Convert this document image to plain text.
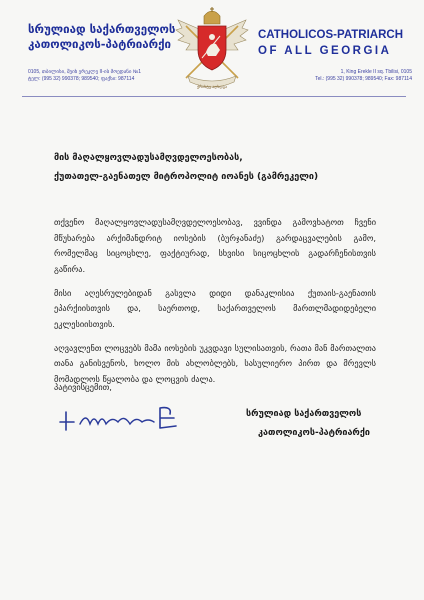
სრულიად საქართველოს
კათოლიკოს-პატრიარქი
0105, თბილისი, შეიხ ერეკლე II-ის მოედანი №1
ტელ: (995 32) 990378; 989540; ფაქსი: 987114
ქრისტე აღსდგა
CATHOLICOS-PATRIARCH
OF ALL GEORGIA
1, King Erekle II sq. Tbilisi, 0105
Tel.: (995 32) 990378; 989540; Fax: 987114
მის მაღალყოვლადუსამღვდელოესობას,
ქუთათელ-გაენათელ მიტროპოლიტ იოანეს (გამრეკელი)

თქვენო მაღალყოვლადუსამღვდელოესობავ, ვვინდა გამოვხატოთ ჩვენი მწუხარება არქიმანდრიტ იოსების (ბურჯანაძე) გარდაცვალების გამო, რომელმაც სიცოცხლე, ფაქტიურად, სხვისი სიცოცხლის გადარჩენისთვის გაწირა.

მისი აღესრულებიდან გასვლა დიდი დანაკლისია ქუთაის-გაენათის ეპარქიისთვის და, საერთოდ, საქართველოს მართლმადიდებელი ეკლესიისთვის.

აღვავლენთ ლოცვებს მამა იოსების უკვდავი სულისათვის, რათა მან მართალთა თანა განისვენოს, ხოლო მის ახლობლებს, სასულიერო პირთ და მრევლს მომადლოს წყალობა და ლოცვის ძალა.

პატივისცემით,
სრულიად საქართველოს
კათოლიკოს-პატრიარქი
